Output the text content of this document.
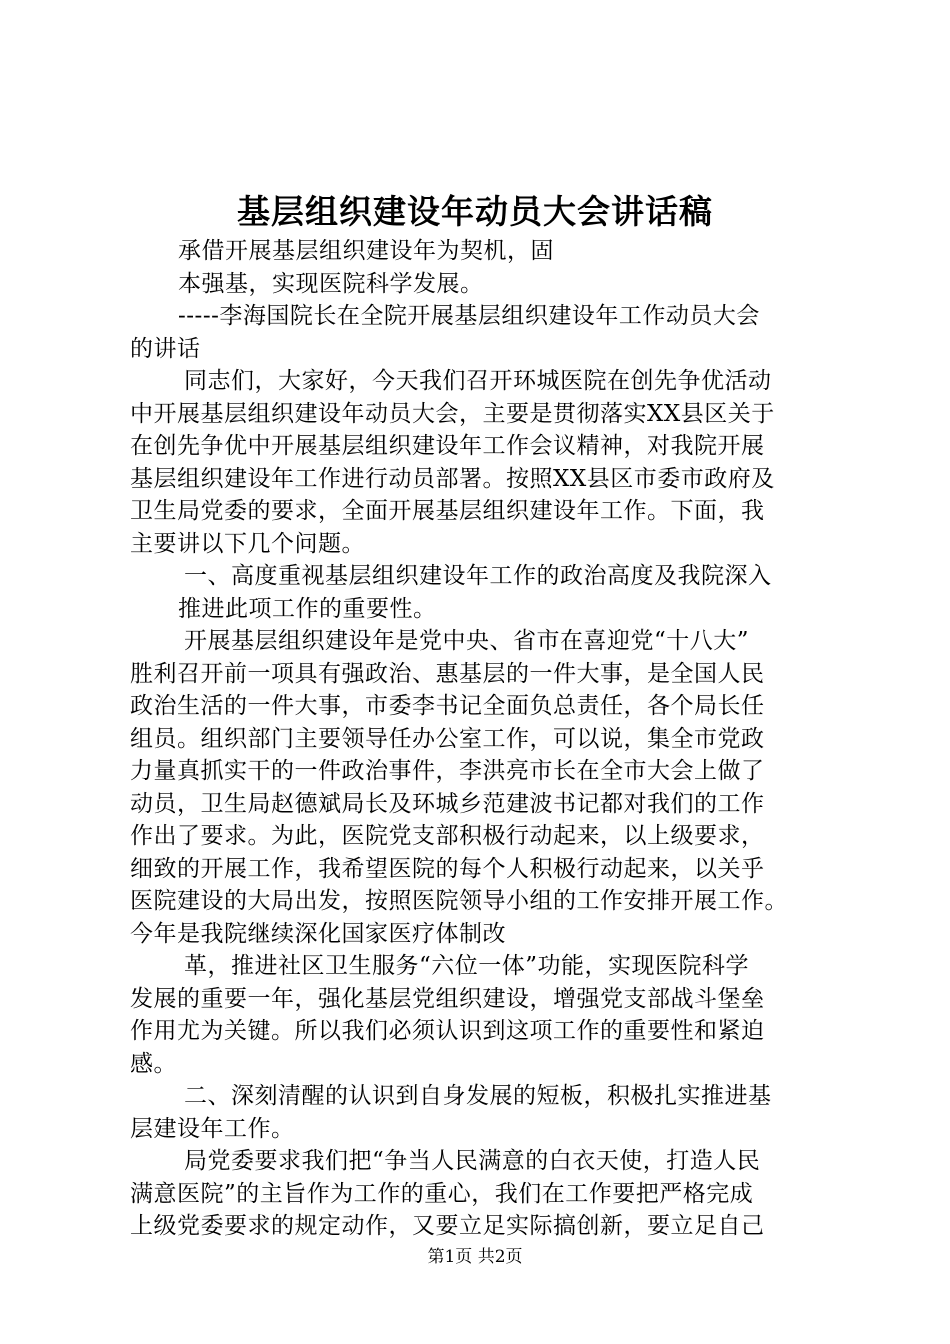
基层组织建设年动员大会讲话稿
承借开展基层组织建设年为契机，固
本强基，实现医院科学发展。
-----李海国院长在全院开展基层组织建设年工作动员大会
的讲话
同志们，大家好，今天我们召开环城医院在创先争优活动
中开展基层组织建设年动员大会，主要是贯彻落实XX县区关于
在创先争优中开展基层组织建设年工作会议精神，对我院开展
基层组织建设年工作进行动员部署。按照XX县区市委市政府及
卫生局党委的要求，全面开展基层组织建设年工作。下面，我
主要讲以下几个问题。
一、高度重视基层组织建设年工作的政治高度及我院深入
推进此项工作的重要性。
开展基层组织建设年是党中央、省市在喜迎党“十八大”
胜利召开前一项具有强政治、惠基层的一件大事，是全国人民
政治生活的一件大事，市委李书记全面负总责任，各个局长任
组员。组织部门主要领导任办公室工作，可以说，集全市党政
力量真抓实干的一件政治事件，李洪亮市长在全市大会上做了
动员，卫生局赵德斌局长及环城乡范建波书记都对我们的工作
作出了要求。为此，医院党支部积极行动起来，以上级要求，
细致的开展工作，我希望医院的每个人积极行动起来，以关乎
医院建设的大局出发，按照医院领导小组的工作安排开展工作。
今年是我院继续深化国家医疗体制改
革，推进社区卫生服务“六位一体”功能，实现医院科学
发展的重要一年，强化基层党组织建设，增强党支部战斗堡垒
作用尤为关键。所以我们必须认识到这项工作的重要性和紧迫
感。
二、深刻清醒的认识到自身发展的短板，积极扎实推进基
层建设年工作。
局党委要求我们把“争当人民满意的白衣天使，打造人民
满意医院”的主旨作为工作的重心，我们在工作要把严格完成
上级党委要求的规定动作，又要立足实际搞创新，要立足自己
第1页 共2页
